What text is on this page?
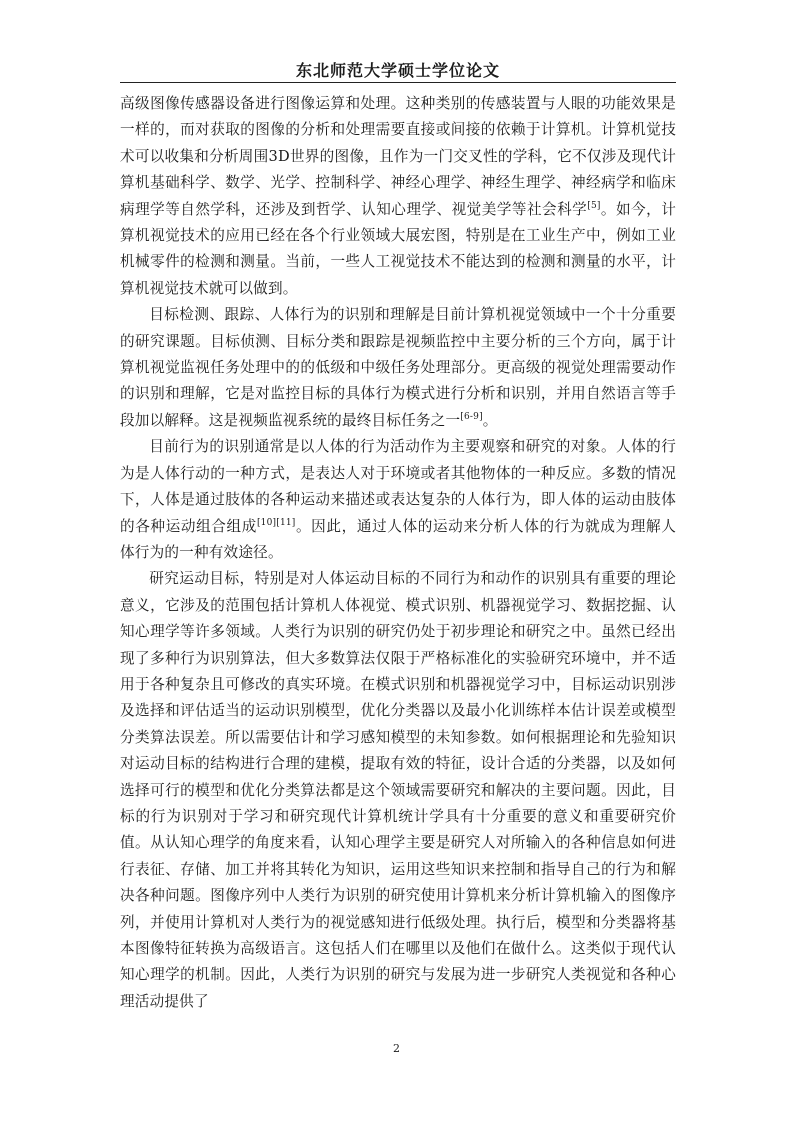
东北师范大学硕士学位论文

高级图像传感器设备进行图像运算和处理。这种类别的传感装置与人眼的功能效果是一样的，而对获取的图像的分析和处理需要直接或间接的依赖于计算机。计算机觉技术可以收集和分析周围3D世界的图像，且作为一门交叉性的学科，它不仅涉及现代计算机基础科学、数学、光学、控制科学、神经心理学、神经生理学、神经病学和临床病理学等自然学科，还涉及到哲学、认知心理学、视觉美学等社会科学[5]。如今，计算机视觉技术的应用已经在各个行业领域大展宏图，特别是在工业生产中，例如工业机械零件的检测和测量。当前，一些人工视觉技术不能达到的检测和测量的水平，计算机视觉技术就可以做到。

目标检测、跟踪、人体行为的识别和理解是目前计算机视觉领域中一个十分重要的研究课题。目标侦测、目标分类和跟踪是视频监控中主要分析的三个方向，属于计算机视觉监视任务处理中的的低级和中级任务处理部分。更高级的视觉处理需要动作的识别和理解，它是对监控目标的具体行为模式进行分析和识别，并用自然语言等手段加以解释。这是视频监视系统的最终目标任务之一[6-9]。

目前行为的识别通常是以人体的行为活动作为主要观察和研究的对象。人体的行为是人体行动的一种方式，是表达人对于环境或者其他物体的一种反应。多数的情况下，人体是通过肢体的各种运动来描述或表达复杂的人体行为，即人体的运动由肢体的各种运动组合组成[10][11]。因此，通过人体的运动来分析人体的行为就成为理解人体行为的一种有效途径。

研究运动目标，特别是对人体运动目标的不同行为和动作的识别具有重要的理论意义，它涉及的范围包括计算机人体视觉、模式识别、机器视觉学习、数据挖掘、认知心理学等许多领域。人类行为识别的研究仍处于初步理论和研究之中。虽然已经出现了多种行为识别算法，但大多数算法仅限于严格标准化的实验研究环境中，并不适用于各种复杂且可修改的真实环境。在模式识别和机器视觉学习中，目标运动识别涉及选择和评估适当的运动识别模型，优化分类器以及最小化训练样本估计误差或模型分类算法误差。所以需要估计和学习感知模型的未知参数。如何根据理论和先验知识对运动目标的结构进行合理的建模，提取有效的特征，设计合适的分类器，以及如何选择可行的模型和优化分类算法都是这个领域需要研究和解决的主要问题。因此，目标的行为识别对于学习和研究现代计算机统计学具有十分重要的意义和重要研究价值。从认知心理学的角度来看，认知心理学主要是研究人对所输入的各种信息如何进行表征、存储、加工并将其转化为知识，运用这些知识来控制和指导自己的行为和解决各种问题。图像序列中人类行为识别的研究使用计算机来分析计算机输入的图像序列，并使用计算机对人类行为的视觉感知进行低级处理。执行后，模型和分类器将基本图像特征转换为高级语言。这包括人们在哪里以及他们在做什么。这类似于现代认知心理学的机制。因此，人类行为识别的研究与发展为进一步研究人类视觉和各种心理活动提供了

2
